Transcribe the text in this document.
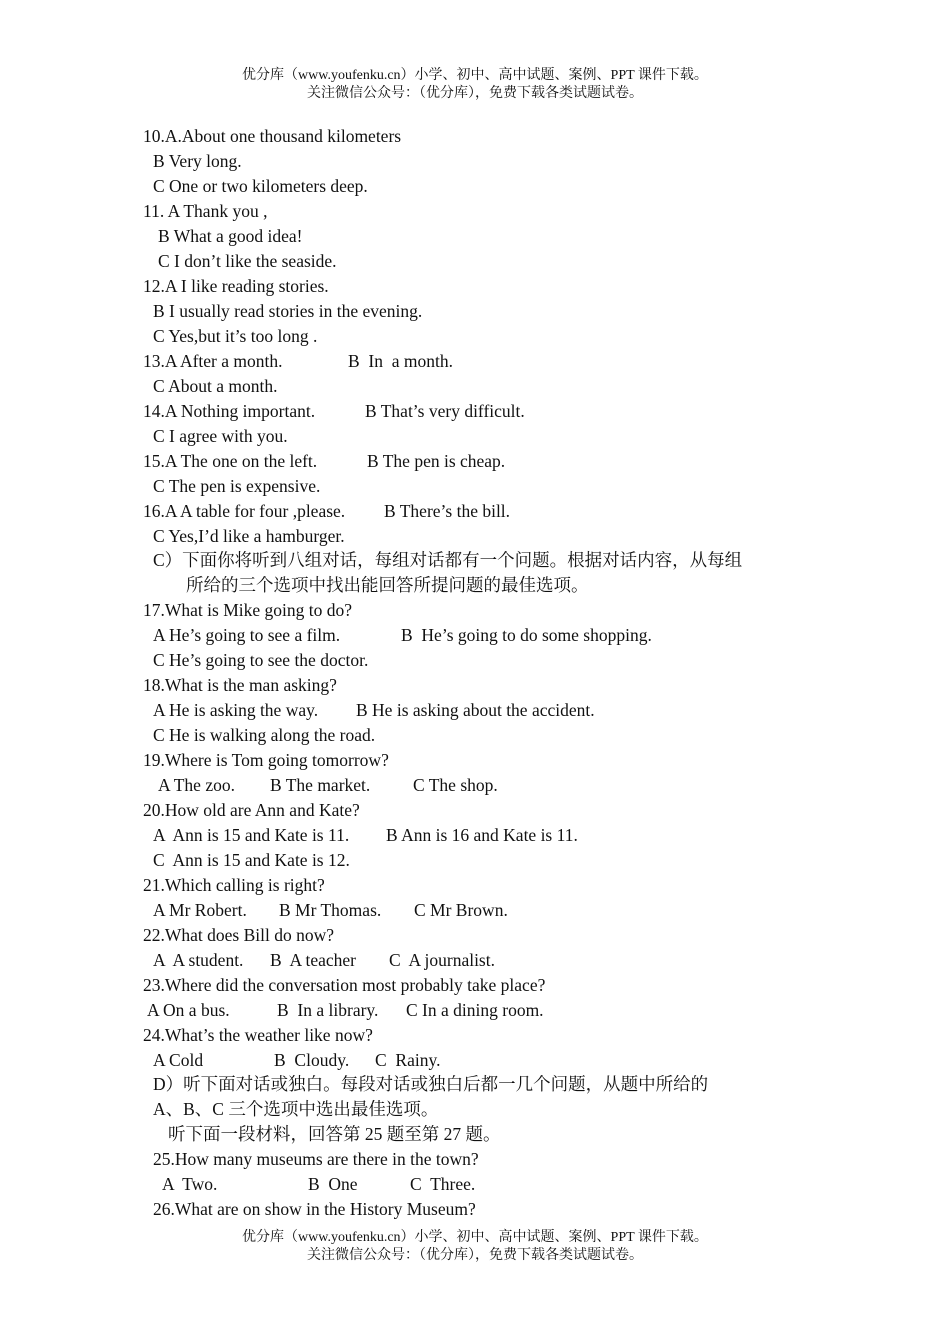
优分库（www.youfenku.cn）小学、初中、高中试题、案例、PPT 课件下载。
关注微信公众号：（优分库），免费下载各类试题试卷。
10.A.About one thousand kilometers
B Very long.
C One or two kilometers deep.
11. A Thank you ,
B What a good idea!
C I don’t like the seaside.
12.A I like reading stories.
B I usually read stories in the evening.
C Yes,but it’s too long .
13.A After a month.	B  In  a month.
C About a month.
14.A Nothing important.	B That’s very difficult.
C I agree with you.
15.A The one on the left.	B The pen is cheap.
C The pen is expensive.
16.A A table for four ,please. B There’s the bill.
C Yes,I’d like a hamburger.
C）下面你将听到八组对话，每组对话都有一个问题。根据对话内容，从每组
所给的三个选项中找出能回答所提问题的最佳选项。
17.What is Mike going to do?
A He’s going to see a film.	B  He’s going to do some shopping.
C He’s going to see the doctor.
18.What is the man asking?
A He is asking the way. B He is asking about the accident.
C He is walking along the road.
19.Where is Tom going tomorrow?
A The zoo. B The market. C The shop.
20.How old are Ann and Kate?
A  Ann is 15 and Kate is 11. B Ann is 16 and Kate is 11.
C  Ann is 15 and Kate is 12.
21.Which calling is right?
A Mr Robert. B Mr Thomas. C Mr Brown.
22.What does Bill do now?
A  A student. B  A teacher C  A journalist.
23.Where did the conversation most probably take place?
A On a bus.	B  In a library. C In a dining room.
24.What’s the weather like now?
A Cold	B  Cloudy. C  Rainy.
D）听下面对话或独白。每段对话或独白后都一几个问题，从题中所给的
A、B、C 三个选项中选出最佳选项。
听下面一段材料，回答第 25 题至第 27 题。
25.How many museums are there in the town?
A  Two.	B  One	C  Three.
26.What are on show in the History Museum?
优分库（www.youfenku.cn）小学、初中、高中试题、案例、PPT 课件下载。
关注微信公众号：（优分库），免费下载各类试题试卷。
